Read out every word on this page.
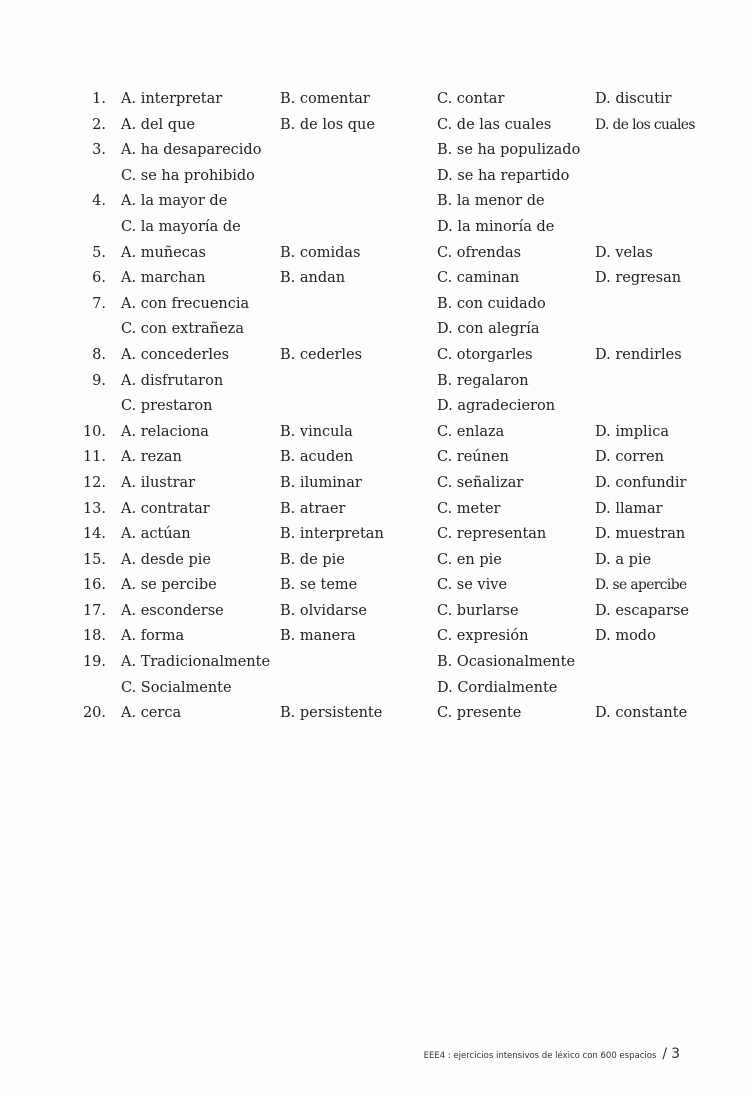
1. A. interpretar	B. comentar	C. contar	D. discutir
2. A. del que	B. de los que	C. de las cuales	D. de los cuales
3. A. ha desaparecido	B. se ha populizado
C. se ha prohibido	D. se ha repartido
4. A. la mayor de	B. la menor de
C. la mayoría de	D. la minoría de
5. A. muñecas	B. comidas	C. ofrendas	D. velas
6. A. marchan	B. andan	C. caminan	D. regresan
7. A. con frecuencia	B. con cuidado
C. con extrañeza	D. con alegría
8. A. concederles	B. cederles	C. otorgarles	D. rendirles
9. A. disfrutaron	B. regalaron
C. prestaron	D. agradecieron
10. A. relaciona	B. vincula	C. enlaza	D. implica
11. A. rezan	B. acuden	C. reúnen	D. corren
12. A. ilustrar	B. iluminar	C. señalizar	D. confundir
13. A. contratar	B. atraer	C. meter	D. llamar
14. A. actúan	B. interpretan	C. representan	D. muestran
15. A. desde pie	B. de pie	C. en pie	D. a pie
16. A. se percibe	B. se teme	C. se vive	D. se apercibe
17. A. esconderse	B. olvidarse	C. burlarse	D. escaparse
18. A. forma	B. manera	C. expresión	D. modo
19. A. Tradicionalmente	B. Ocasionalmente
C. Socialmente	D. Cordialmente
20. A. cerca	B. persistente	C. presente	D. constante
EEE4 : ejercicios intensivos de léxico con 600 espacios / 3
